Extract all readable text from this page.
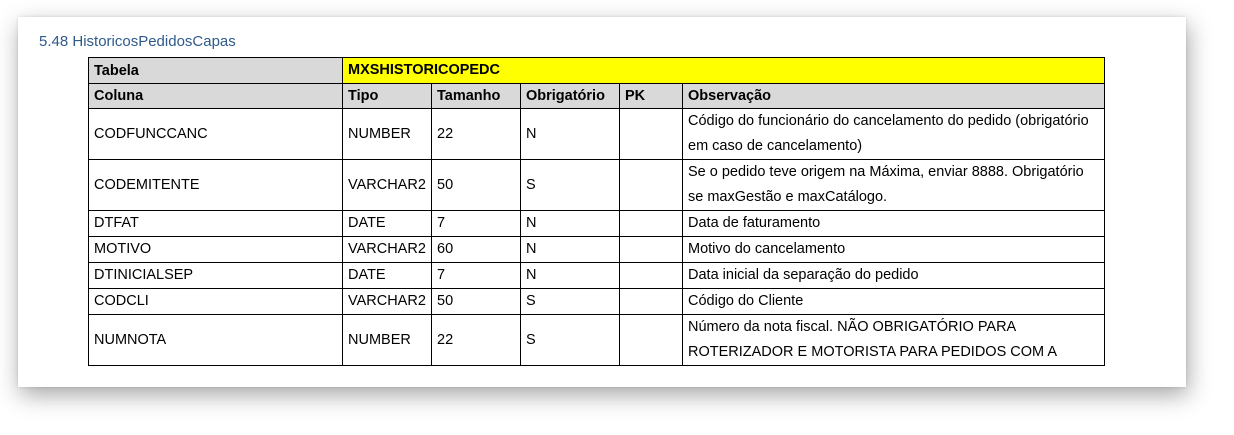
5.48 HistoricosPedidosCapas
Tabela	MXSHISTORICOPEDC				
Coluna	Tipo	Tamanho	Obrigatório	PK	Observação
CODFUNCCANC	NUMBER	22	N		Código do funcionário do cancelamento do pedido (obrigatório em caso de cancelamento)
CODEMITENTE	VARCHAR2	50	S		Se o pedido teve origem na Máxima, enviar 8888. Obrigatório se maxGestão e maxCatálogo.
DTFAT	DATE	7	N		Data de faturamento
MOTIVO	VARCHAR2	60	N		Motivo do cancelamento
DTINICIALSEP	DATE	7	N		Data inicial da separação do pedido
CODCLI	VARCHAR2	50	S		Código do Cliente
NUMNOTA	NUMBER	22	S		Número da nota fiscal. NÃO OBRIGATÓRIO PARA ROTERIZADOR E MOTORISTA PARA PEDIDOS COM A
